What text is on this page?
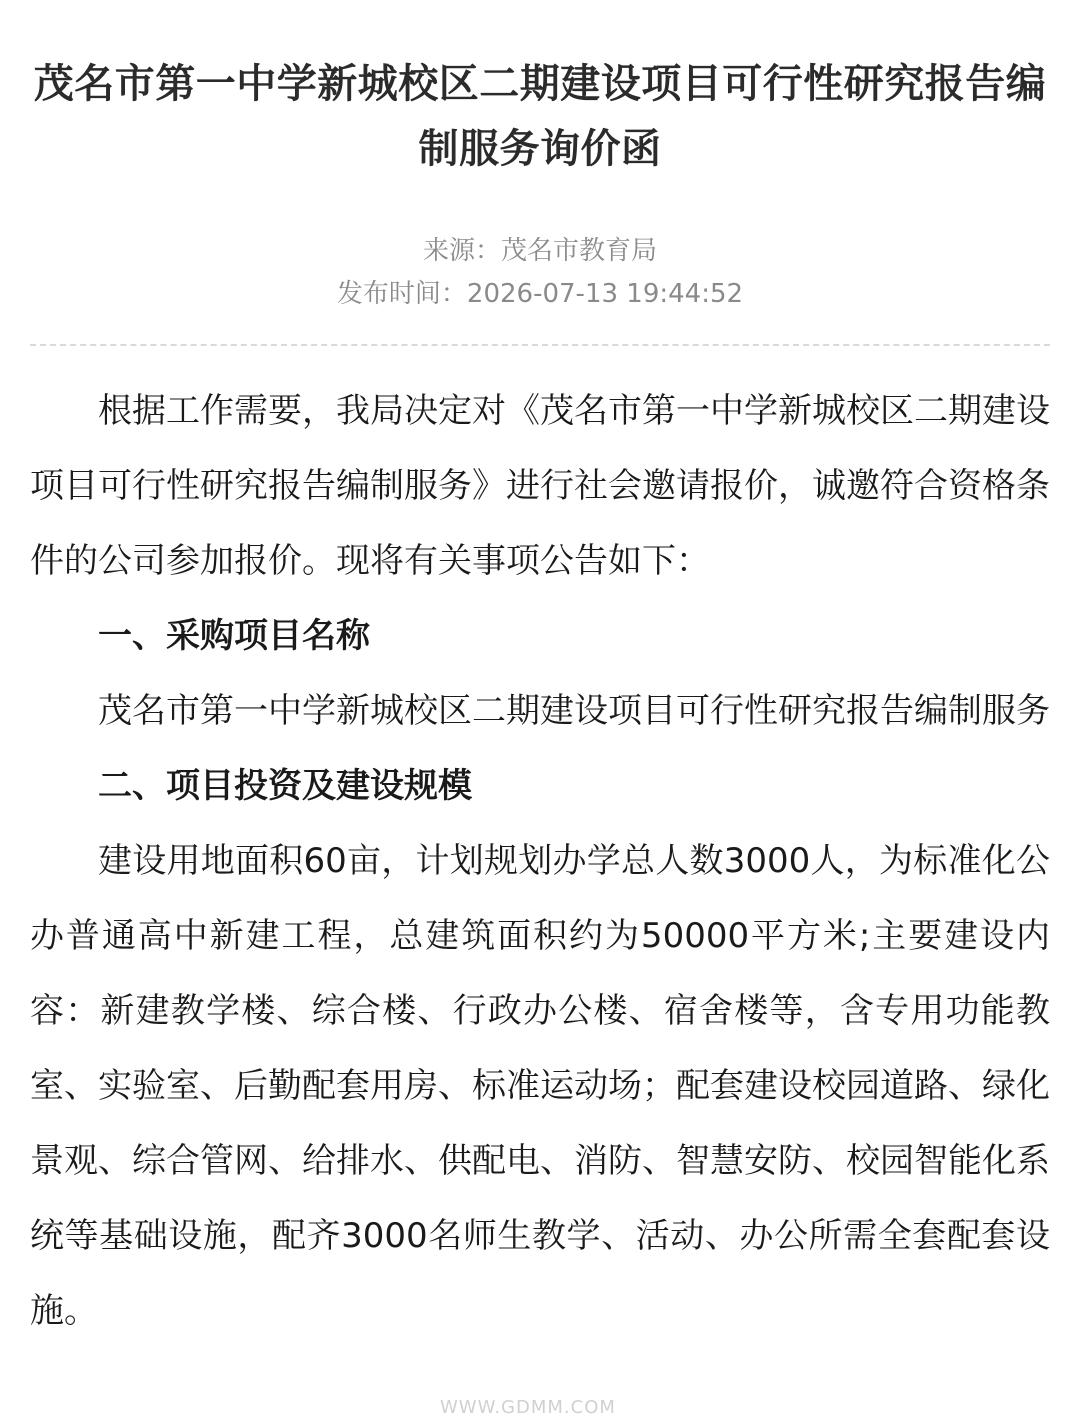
茂名市第一中学新城校区二期建设项目可行性研究报告编制服务询价函
来源：茂名市教育局
发布时间：2026-07-13 19:44:52

根据工作需要，我局决定对《茂名市第一中学新城校区二期建设项目可行性研究报告编制服务》进行社会邀请报价，诚邀符合资格条件的公司参加报价。现将有关事项公告如下：

一、采购项目名称

茂名市第一中学新城校区二期建设项目可行性研究报告编制服务

二、项目投资及建设规模

建设用地面积60亩，计划规划办学总人数3000人，为标准化公办普通高中新建工程，总建筑面积约为50000平方米;主要建设内容：新建教学楼、综合楼、行政办公楼、宿舍楼等，含专用功能教室、实验室、后勤配套用房、标准运动场；配套建设校园道路、绿化景观、综合管网、给排水、供配电、消防、智慧安防、校园智能化系统等基础设施，配齐3000名师生教学、活动、办公所需全套配套设施。

WWW.GDMM.COM
